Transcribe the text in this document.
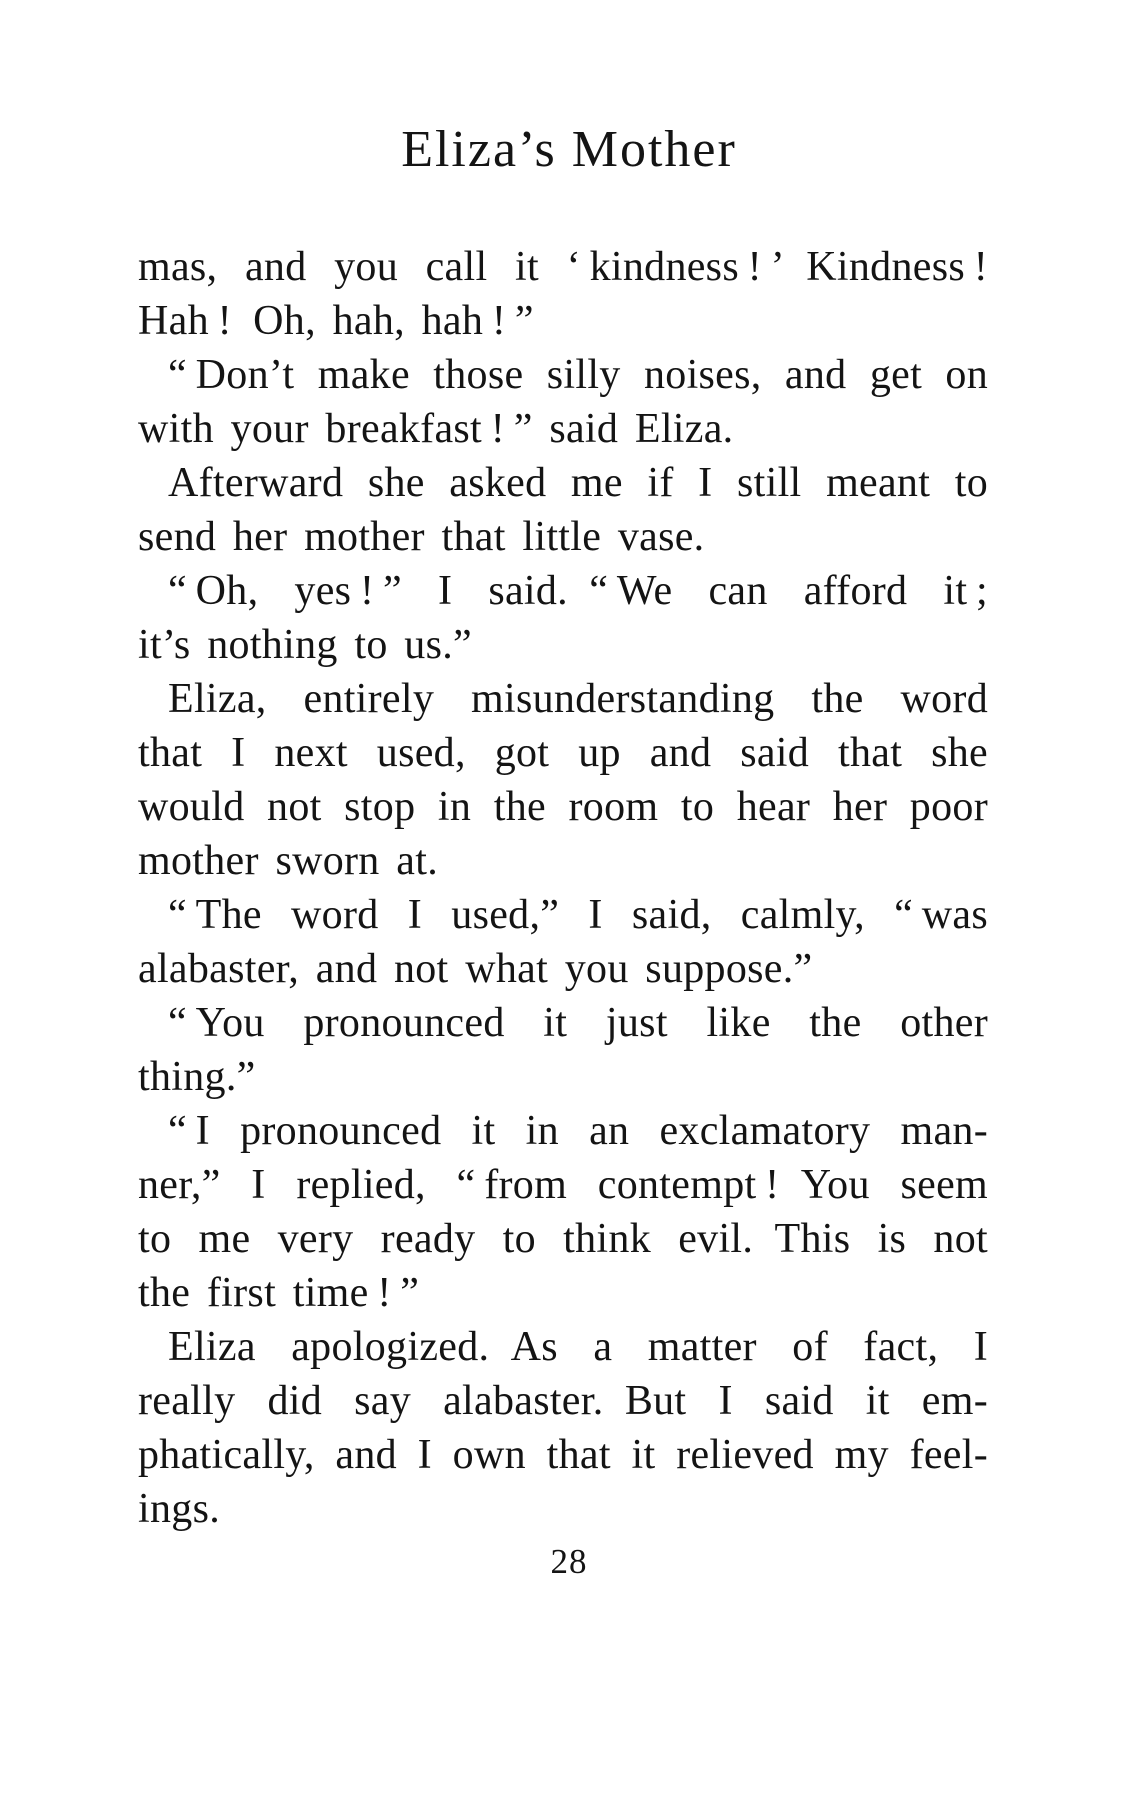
Eliza’s Mother

mas, and you call it ‘ kindness ! ’ Kindness !

Hah ! Oh, hah, hah ! ”

“ Don’t make those silly noises, and get on

with your breakfast ! ” said Eliza.

Afterward she asked me if I still meant to

send her mother that little vase.

“ Oh, yes ! ” I said. “ We can afford it ;

it’s nothing to us.”

Eliza, entirely misunderstanding the word

that I next used, got up and said that she

would not stop in the room to hear her poor

mother sworn at.

“ The word I used,” I said, calmly, “ was

alabaster, and not what you suppose.”

“ You pronounced it just like the other

thing.”

“ I pronounced it in an exclamatory man-

ner,” I replied, “ from contempt ! You seem

to me very ready to think evil. This is not

the first time ! ”

Eliza apologized. As a matter of fact, I

really did say alabaster. But I said it em-

phatically, and I own that it relieved my feel-

ings.

28
